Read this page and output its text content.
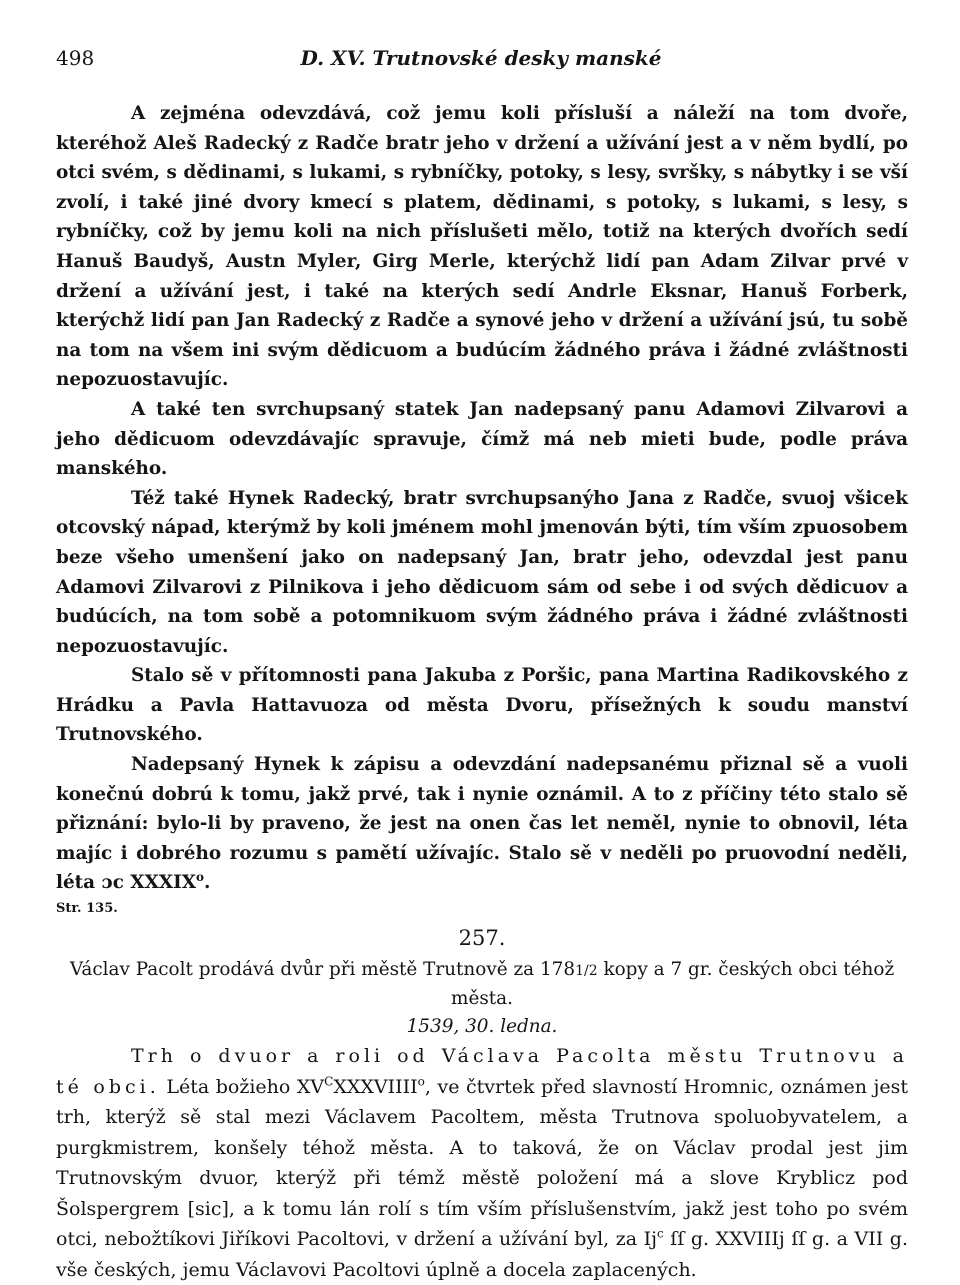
498	D. XV. Trutnovské desky manské

A zejména odevzdává, což jemu koli přísluší a náleží na tom dvoře, kteréhož Aleš Radecký z Radče bratr jeho v držení a užívání jest a v něm bydlí, po otci svém, s dědinami, s lukami, s rybníčky, potoky, s lesy, svršky, s nábytky i se vší zvolí, i také jiné dvory kmecí s platem, dědinami, s potoky, s lukami, s lesy, s rybníčky, což by jemu koli na nich příslušeti mělo, totiž na kterých dvořích sedí Hanuš Baudyš, Austn Myler, Girg Merle, kterýchž lidí pan Adam Zilvar prvé v držení a užívání jest, i také na kterých sedí Andrle Eksnar, Hanuš Forberk, kterýchž lidí pan Jan Radecký z Radče a synové jeho v držení a užívání jsú, tu sobě na tom na všem ini svým dědicuom a budúcím žádného práva i žádné zvláštnosti nepozuostavujíc.

A také ten svrchupsaný statek Jan nadepsaný panu Adamovi Zilvarovi a jeho dědicuom odevzdávajíc spravuje, čímž má neb mieti bude, podle práva manského.

Též také Hynek Radecký, bratr svrchupsanýho Jana z Radče, svuoj všicek otcovský nápad, kterýmž by koli jménem mohl jmenován býti, tím vším zpuosobem beze všeho umenšení jako on nadepsaný Jan, bratr jeho, odevzdal jest panu Adamovi Zilvarovi z Pilnikova i jeho dědicuom sám od sebe i od svých dědicuov a budúcích, na tom sobě a potomnikuom svým žádného práva i žádné zvláštnosti nepozuostavujíc.

Stalo sě v přítomnosti pana Jakuba z Poršic, pana Martina Radikovského z Hrádku a Pavla Hattavuoza od města Dvoru, přísežných k soudu manství Trutnovského.

Nadepsaný Hynek k zápisu a odevzdání nadepsanému přiznal sě a vuoli konečnú dobrú k tomu, jakž prvé, tak i nynie oznámil. A to z příčiny této stalo sě přiznání: bylo-li by praveno, že jest na onen čas let neměl, nynie to obnovil, léta majíc i dobrého rozumu s pamětí užívajíc. Stalo sě v neděli po pruovodní neděli, léta ɔc XXXIX$^o$.

Str. 135.

257.

Václav Pacolt prodává dvůr při městě Trutnově za 1781/2 kopy a 7 gr. českých obci téhož města.

1539, 30. ledna.

Trh o dvuor a roli od Václava Pacolta městu Trutnovu a té obci. Léta božieho $XV^CXXXVIIII^o$, ve čtvrtek před slavností Hromnic, oznámen jest trh, kterýž sě stal mezi Václavem Pacoltem, města Trutnova spoluobyvatelem, a purgkmistrem, konšely téhož města. A to taková, že on Václav prodal jest jim Trutnovským dvuor, kterýž při témž městě položení má a slove Kryblicz pod Šolspergrem [sic], a k tomu lán rolí s tím vším příslušenstvím, jakž jest toho po svém otci, nebožtíkovi Jiříkovi Pacoltovi, v držení a užívání byl, za Ij$^c$ ſſ g. XXVIIIj ſſ g. a VII g. vše českých, jemu Václavovi Pacoltovi úplně a docela zaplacených.
